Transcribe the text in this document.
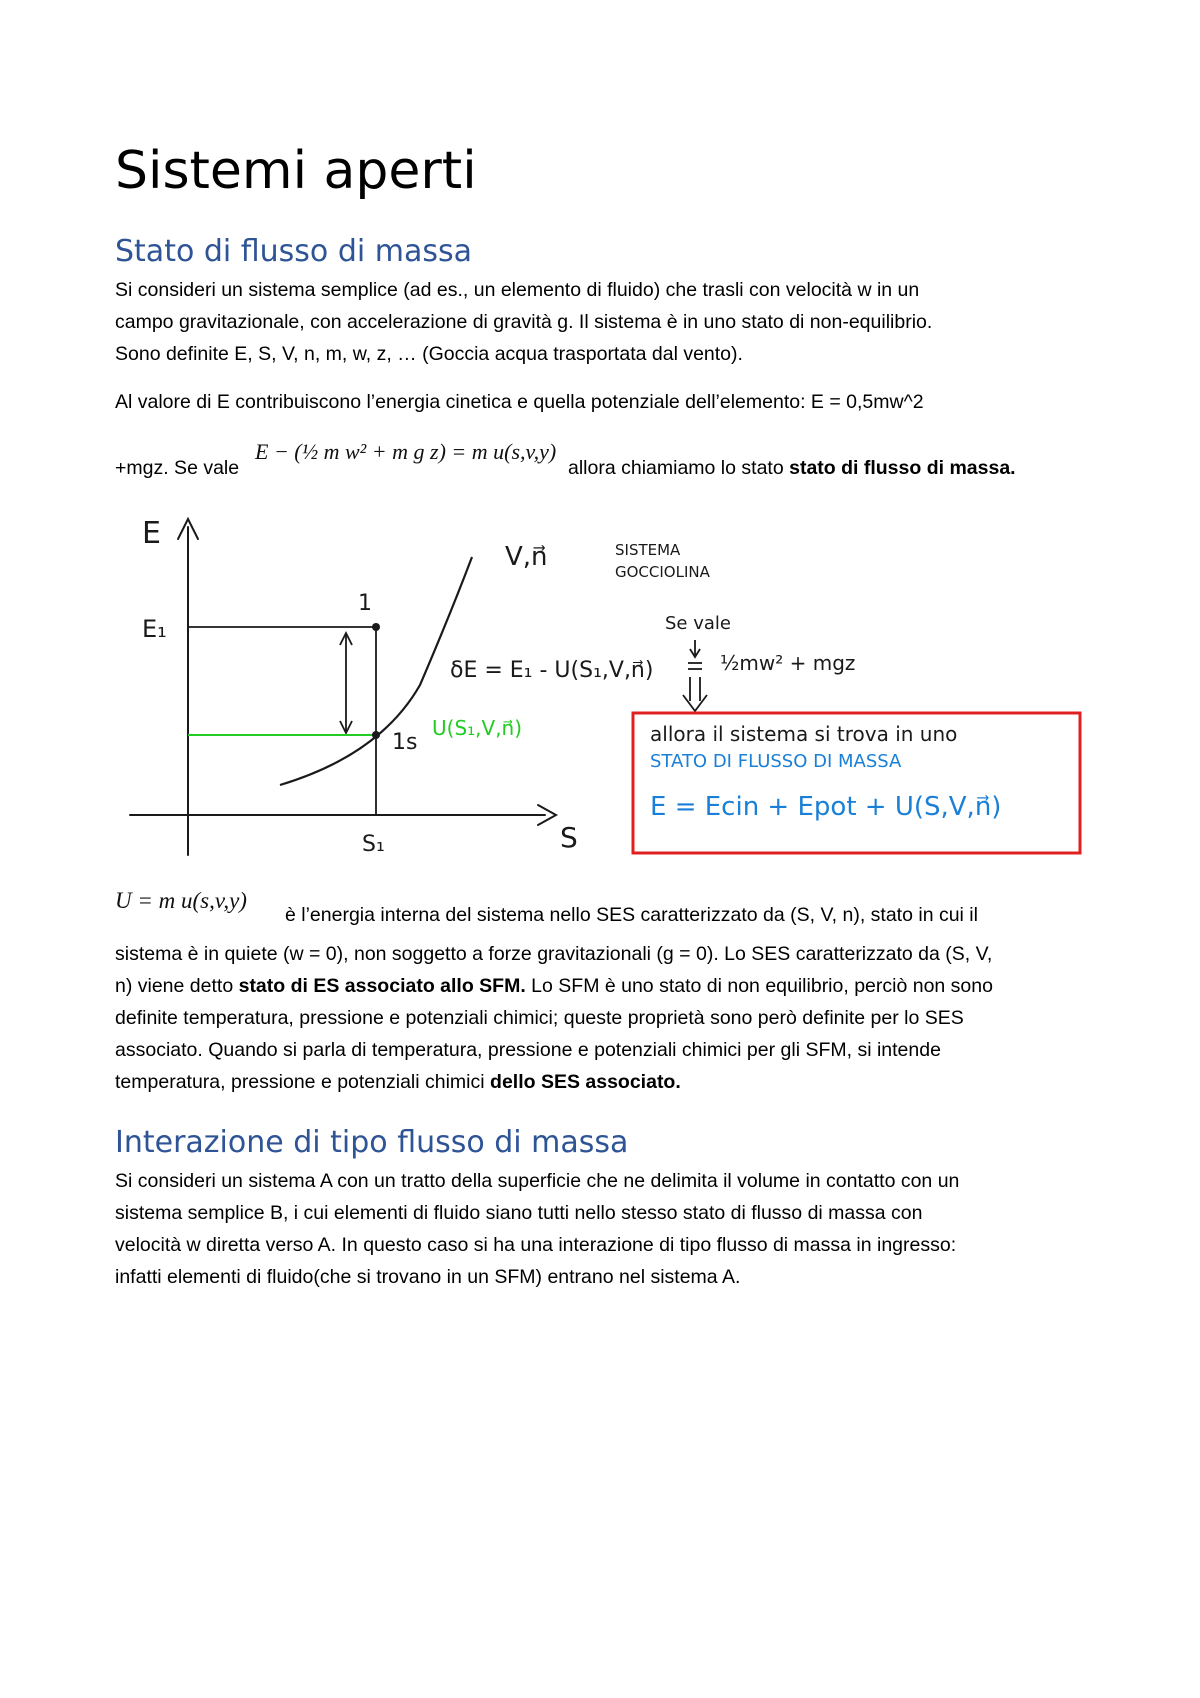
Sistemi aperti
Stato di flusso di massa

Si consideri un sistema semplice (ad es., un elemento di fluido) che trasli con velocità w in un
campo gravitazionale, con accelerazione di gravità g. Il sistema è in uno stato di non-equilibrio.
Sono definite E, S, V, n, m, w, z, … (Goccia acqua trasportata dal vento).

Al valore di E contribuiscono l’energia cinetica e quella potenziale dell’elemento: E = 0,5mw^2

+mgz. Se vale
E − (½ m w² + m g z) = m u(s,v,y)
allora chiamiamo lo stato stato di flusso di massa.
E
S
E₁
S₁
1
1s
V,n⃗	SISTEMA
GOCCIOLINA
Se vale
δE = E₁ - U(S₁,V,n⃗)	½mw² + mgz
U(S₁,V,n⃗)	allora il sistema si trova in uno
STATO DI FLUSSO DI MASSA
E = Ecin + Epot + U(S,V,n⃗)
U = m u(s,v,y)
è l’energia interna del sistema nello SES caratterizzato da (S, V, n), stato in cui il

sistema è in quiete (w = 0), non soggetto a forze gravitazionali (g = 0). Lo SES caratterizzato da (S, V,
n) viene detto stato di ES associato allo SFM. Lo SFM è uno stato di non equilibrio, perciò non sono
definite temperatura, pressione e potenziali chimici; queste proprietà sono però definite per lo SES
associato. Quando si parla di temperatura, pressione e potenziali chimici per gli SFM, si intende
temperatura, pressione e potenziali chimici dello SES associato.

Interazione di tipo flusso di massa

Si consideri un sistema A con un tratto della superficie che ne delimita il volume in contatto con un
sistema semplice B, i cui elementi di fluido siano tutti nello stesso stato di flusso di massa con
velocità w diretta verso A. In questo caso si ha una interazione di tipo flusso di massa in ingresso:
infatti elementi di fluido(che si trovano in un SFM) entrano nel sistema A.
